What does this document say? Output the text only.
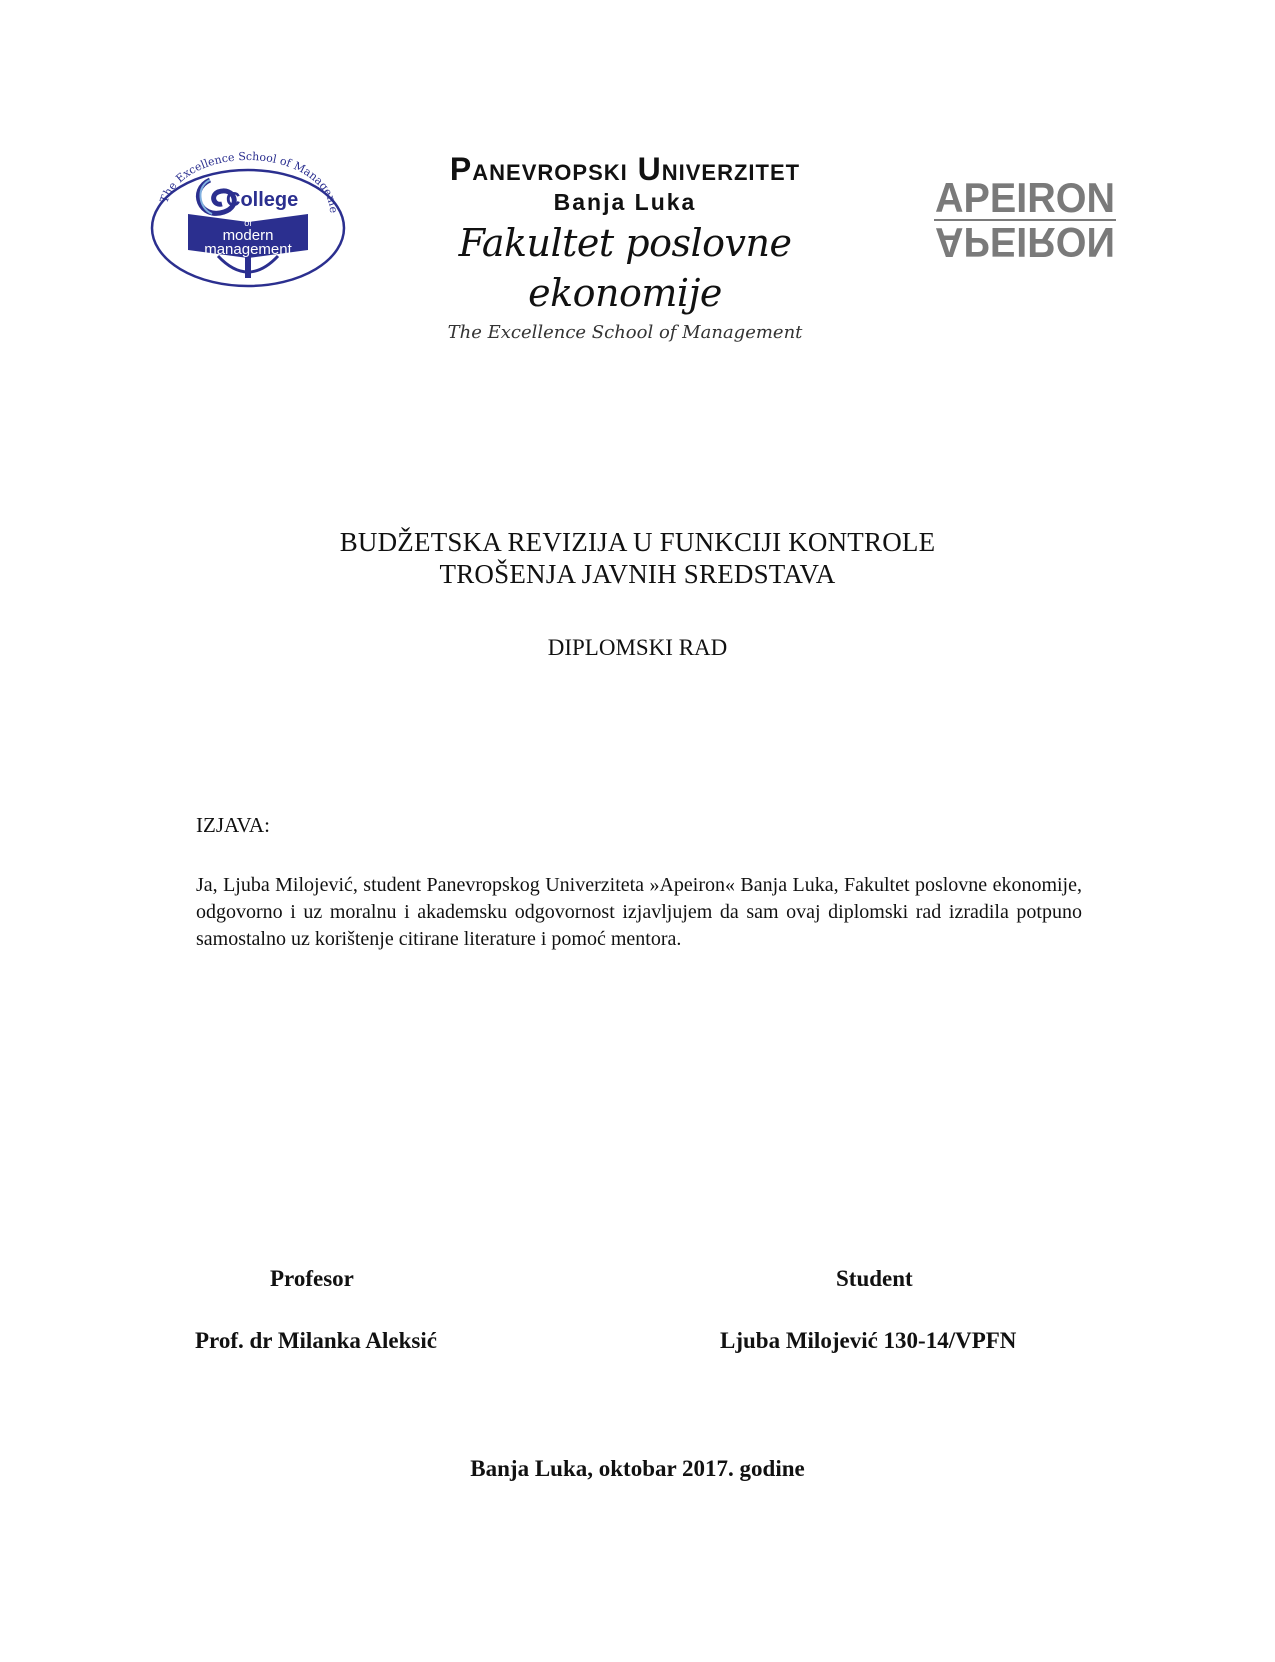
The Excellence School of Manageme
College
of
modern
management
Panevropski Univerzitet
Banja Luka
Fakultet poslovne ekonomije
The Excellence School of Management
APEIRON
APEIRON
BUDŽETSKA REVIZIJA U FUNKCIJI KONTROLE
TROŠENJA JAVNIH SREDSTAVA
DIPLOMSKI RAD
IZJAVA:
Ja, Ljuba Milojević, student Panevropskog Univerziteta »Apeiron« Banja Luka, Fakultet poslovne ekonomije, odgovorno i uz moralnu i akademsku odgovornost izjavljujem da sam ovaj diplomski rad izradila potpuno samostalno uz korištenje citirane literature i pomoć mentora.
Profesor	Student
Prof. dr Milanka Aleksić	Ljuba Milojević 130-14/VPFN
Banja Luka, oktobar 2017. godine
